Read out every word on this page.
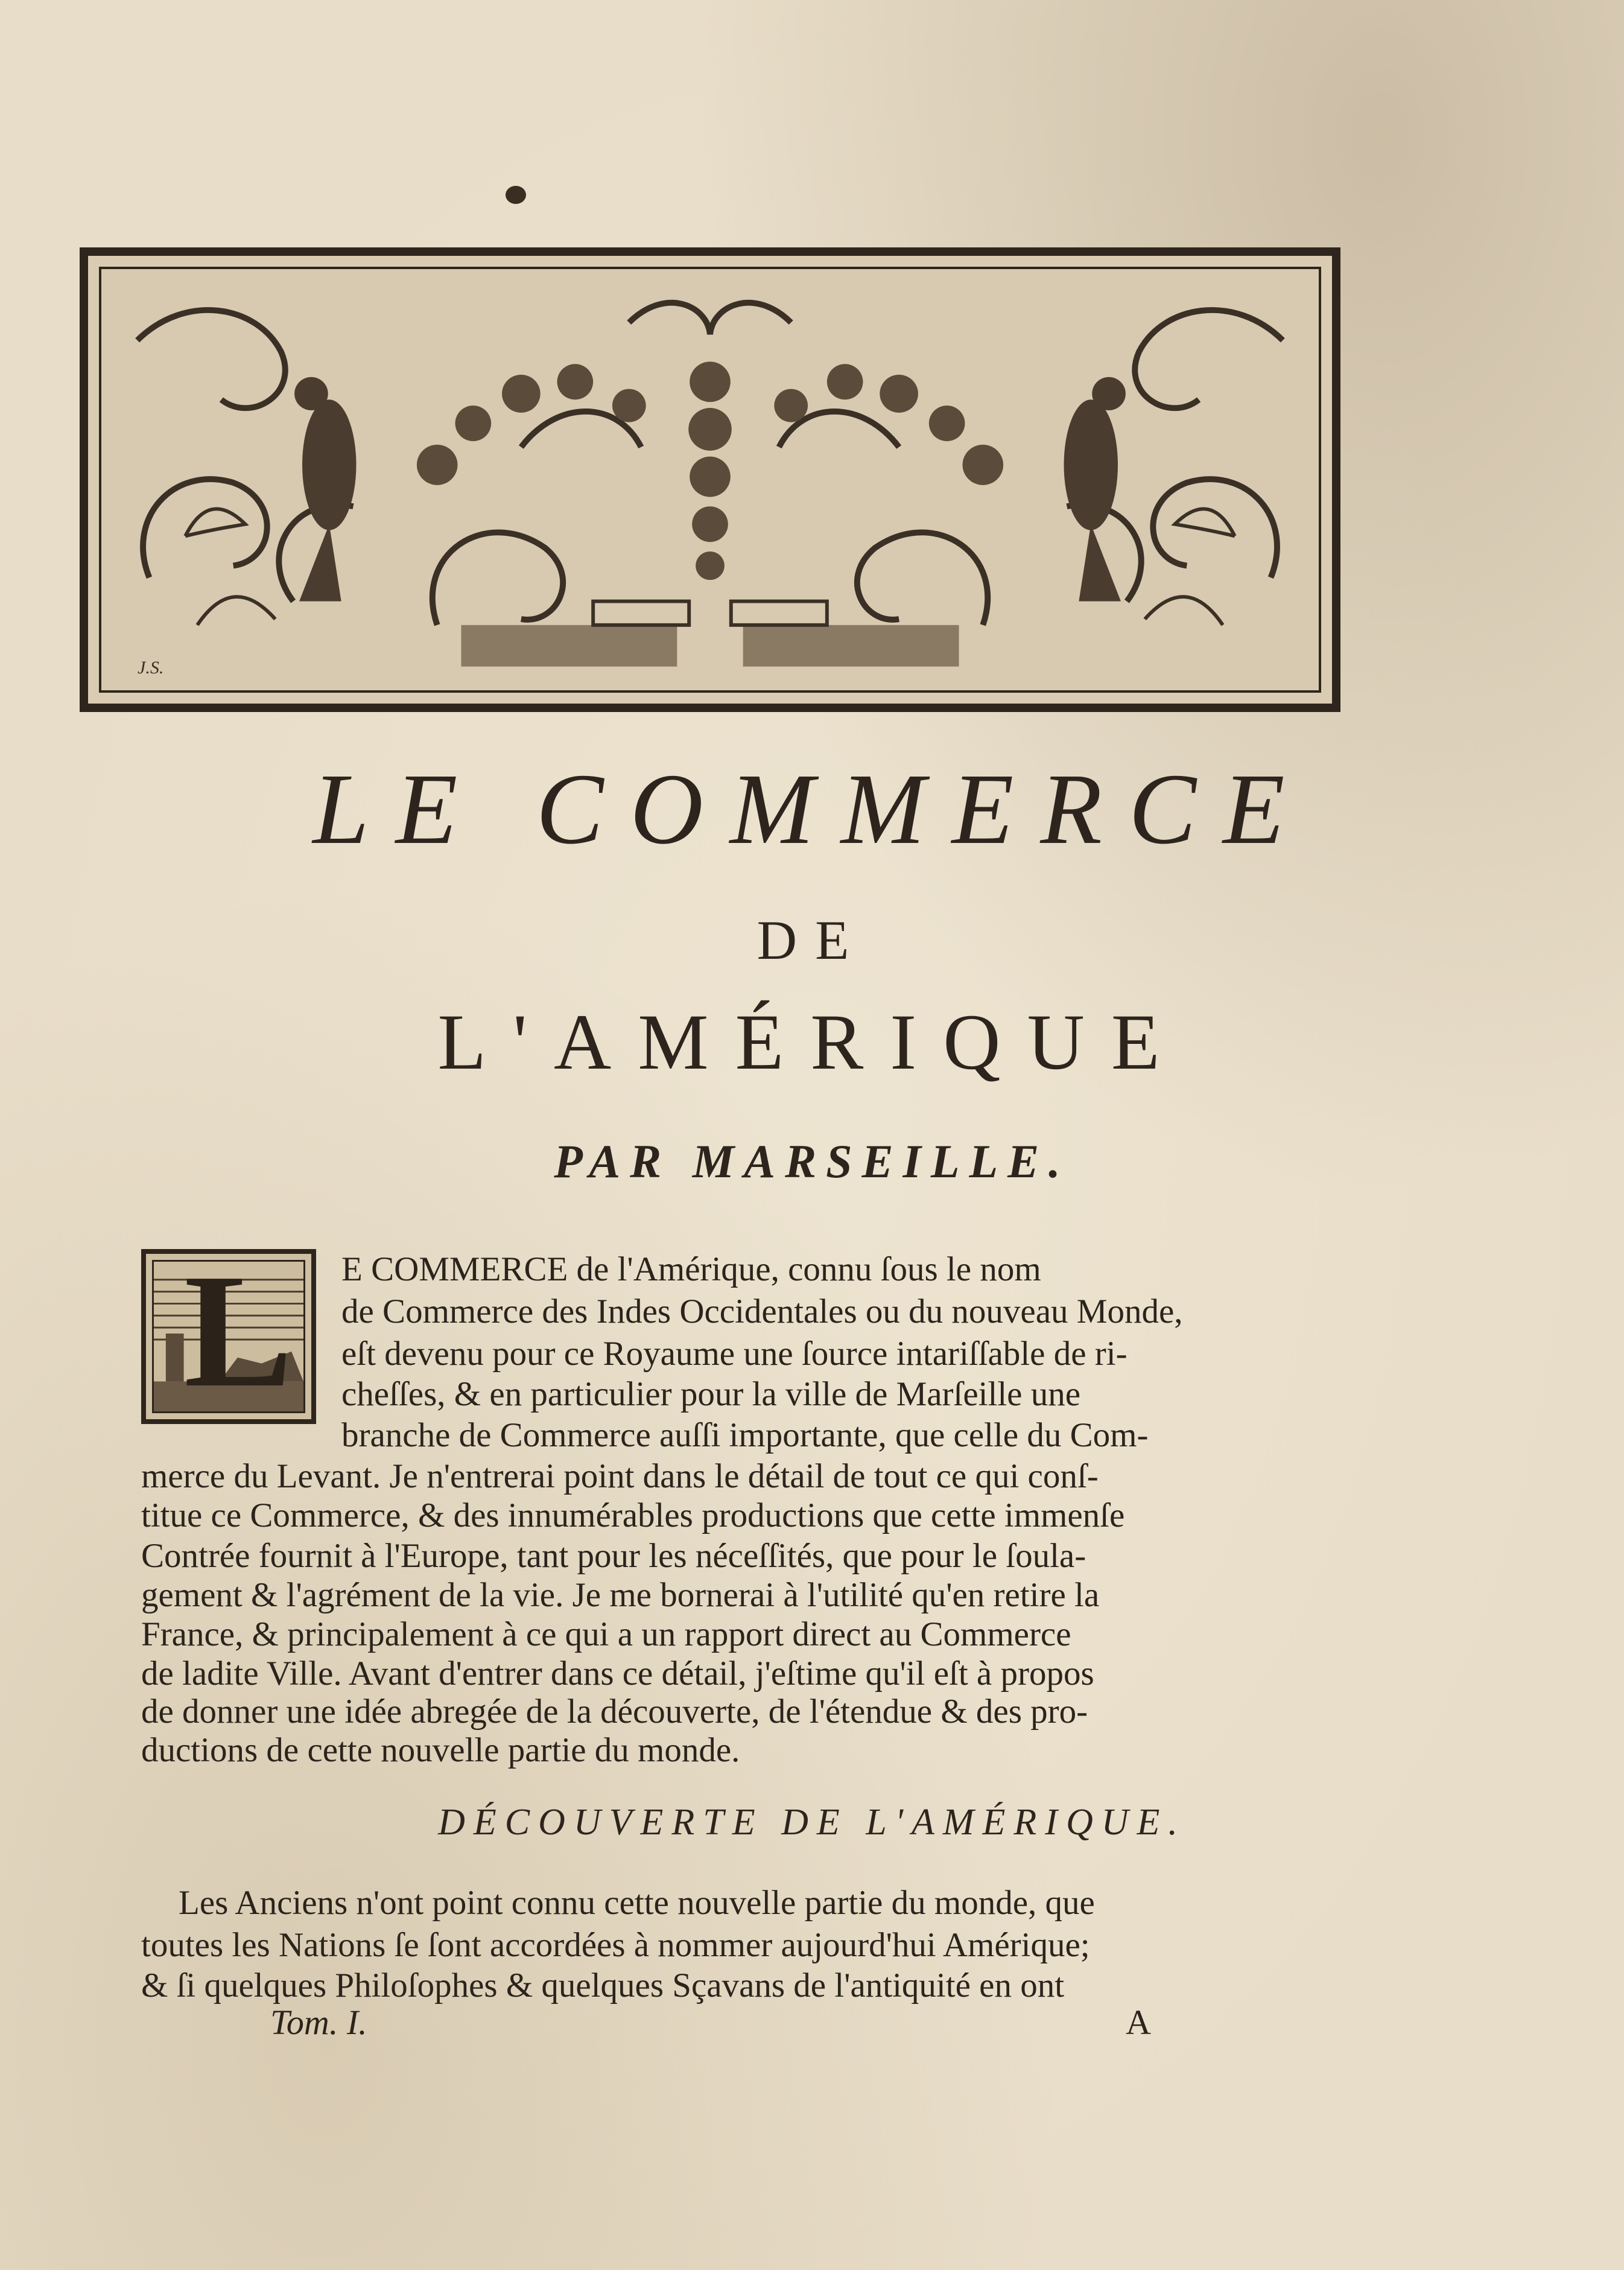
J.S.
LE COMMERCE
DE
L'AMÉRIQUE
PAR MARSEILLE.
L E COMMERCE de l'Amérique, connu ſous le nom
de Commerce des Indes Occidentales ou du nouveau Monde,
eſt devenu pour ce Royaume une ſource intariſſable de ri-
cheſſes, & en particulier pour la ville de Marſeille une
branche de Commerce auſſi importante, que celle du Com-
merce du Levant. Je n'entrerai point dans le détail de tout ce qui conſ-
titue ce Commerce, & des innumérables productions que cette immenſe
Contrée fournit à l'Europe, tant pour les néceſſités, que pour le ſoula-
gement & l'agrément de la vie. Je me bornerai à l'utilité qu'en retire la
France, & principalement à ce qui a un rapport direct au Commerce
de ladite Ville. Avant d'entrer dans ce détail, j'eſtime qu'il eſt à propos
de donner une idée abregée de la découverte, de l'étendue & des pro-
ductions de cette nouvelle partie du monde.
DÉCOUVERTE DE L'AMÉRIQUE.
Les Anciens n'ont point connu cette nouvelle partie du monde, que
toutes les Nations ſe ſont accordées à nommer aujourd'hui Amérique;
& ſi quelques Philoſophes & quelques Sçavans de l'antiquité en ont
Tom. I.	A
